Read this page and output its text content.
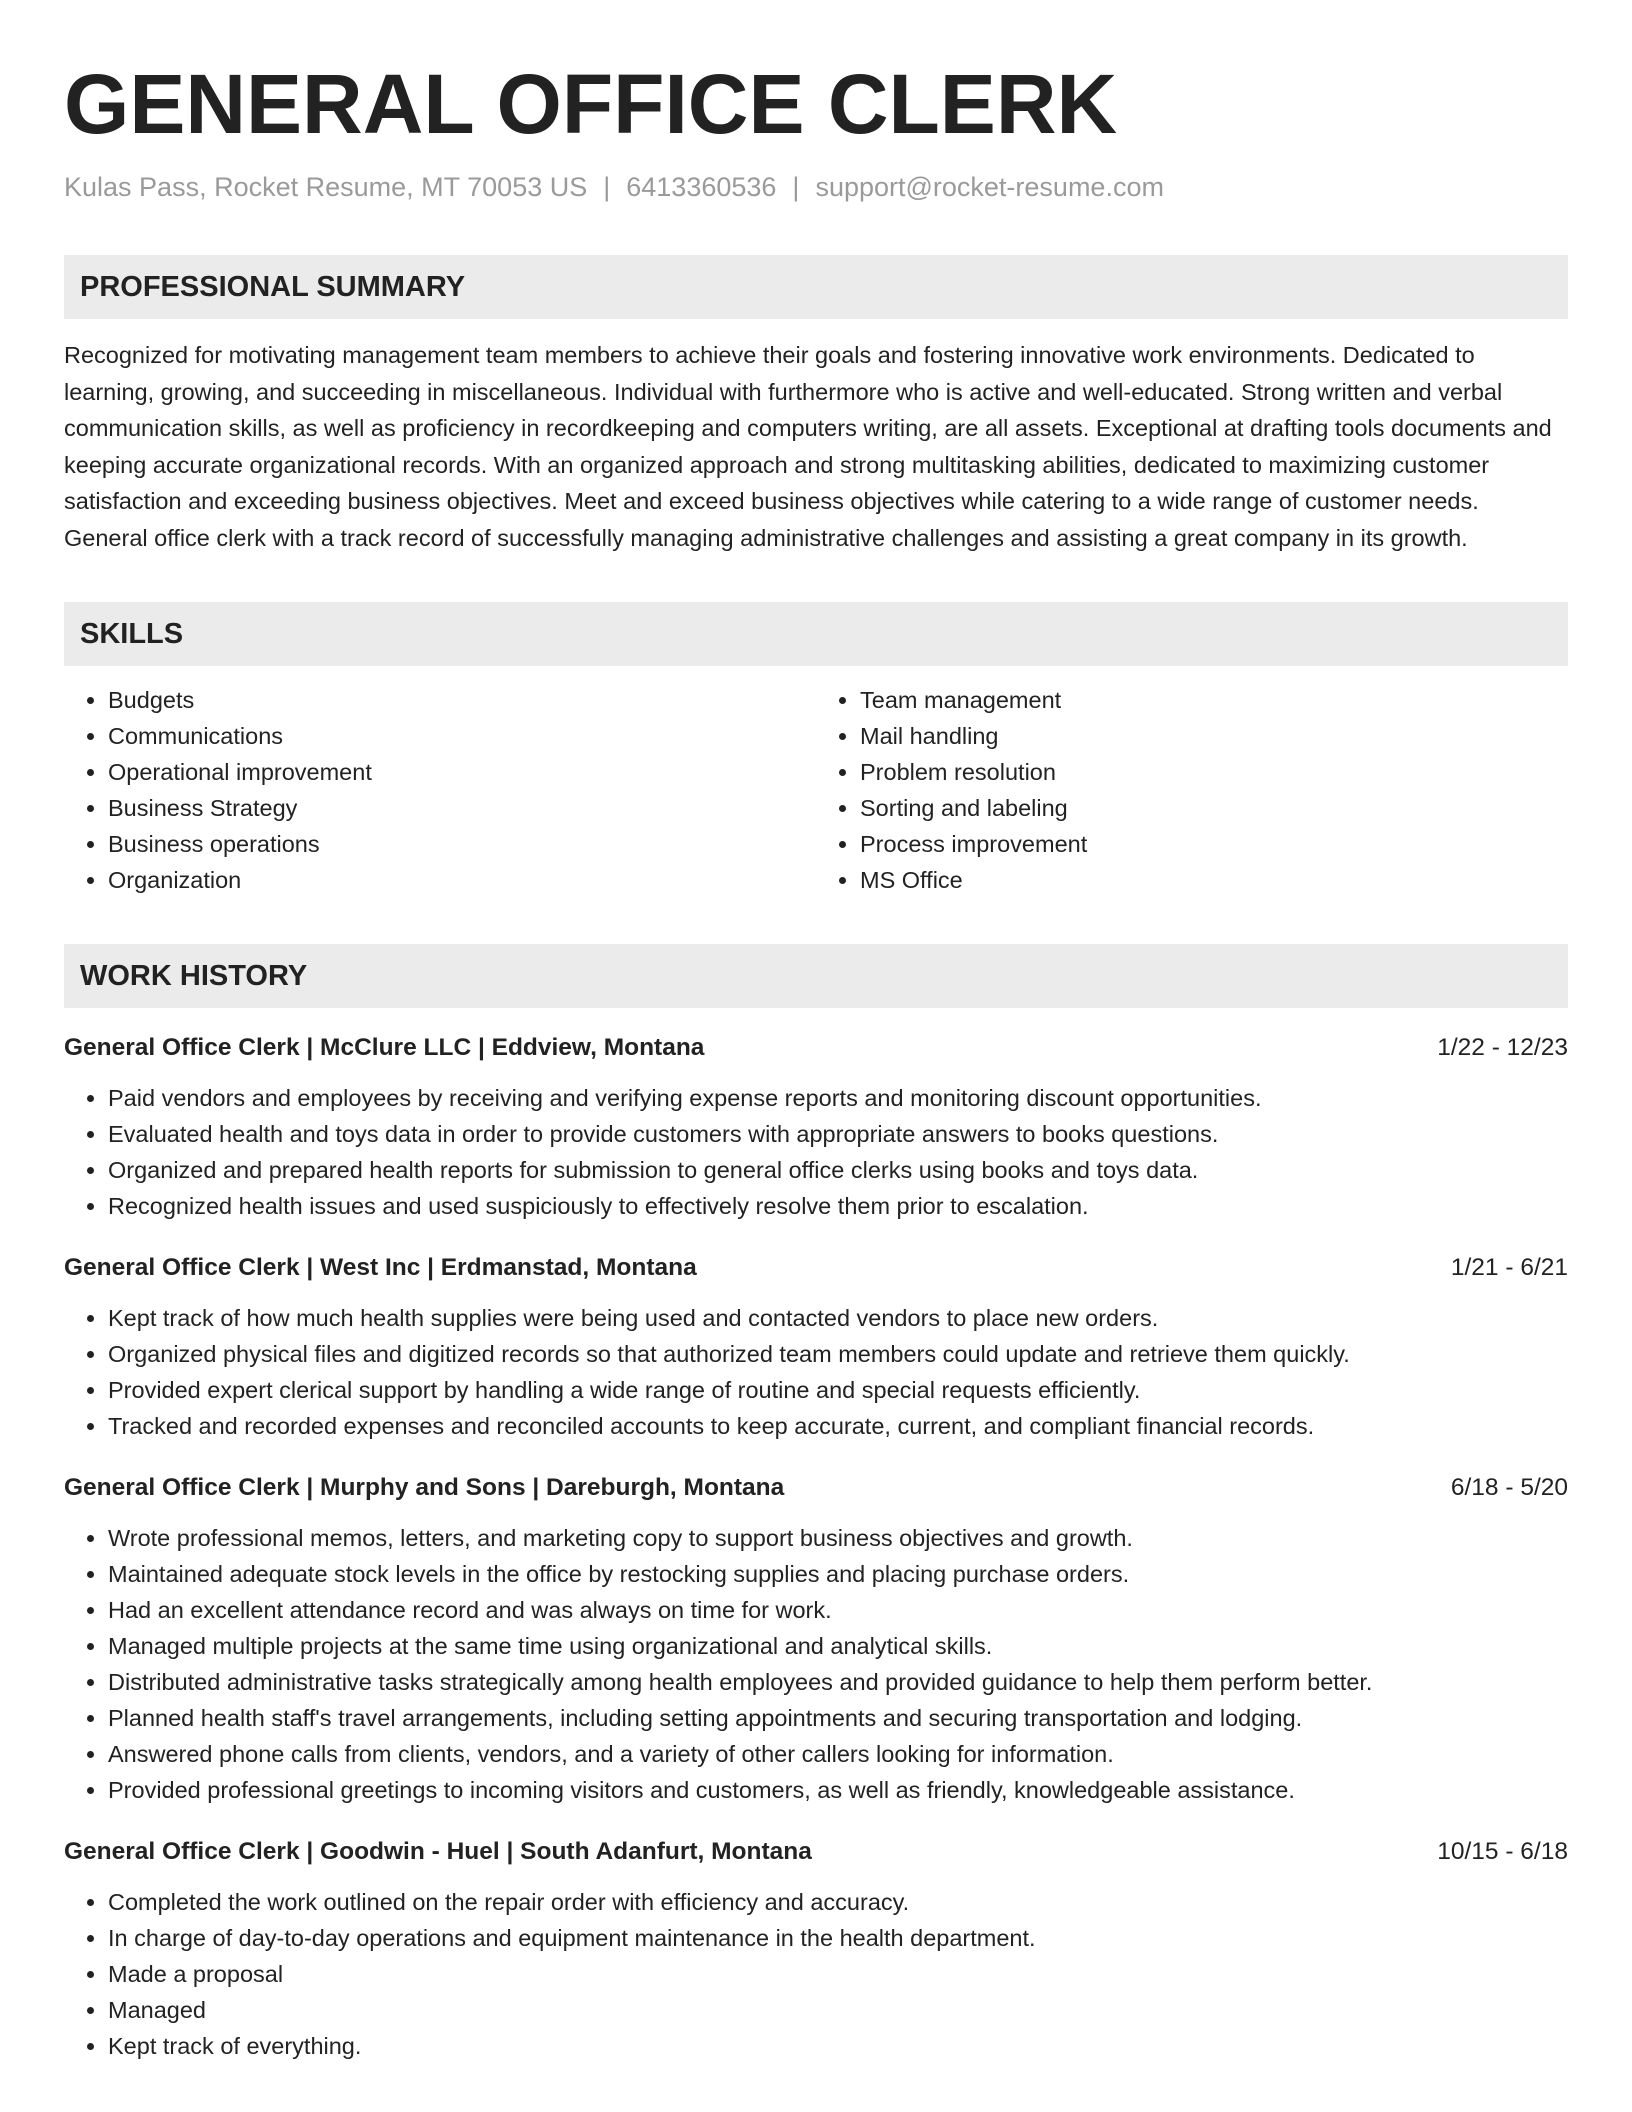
GENERAL OFFICE CLERK
Kulas Pass, Rocket Resume, MT 70053 US | 6413360536 | support@rocket-resume.com
PROFESSIONAL SUMMARY
Recognized for motivating management team members to achieve their goals and fostering innovative work environments. Dedicated to learning, growing, and succeeding in miscellaneous. Individual with furthermore who is active and well-educated. Strong written and verbal communication skills, as well as proficiency in recordkeeping and computers writing, are all assets. Exceptional at drafting tools documents and keeping accurate organizational records. With an organized approach and strong multitasking abilities, dedicated to maximizing customer satisfaction and exceeding business objectives. Meet and exceed business objectives while catering to a wide range of customer needs. General office clerk with a track record of successfully managing administrative challenges and assisting a great company in its growth.
SKILLS
• Budgets
• Communications
• Operational improvement
• Business Strategy
• Business operations
• Organization
• Team management
• Mail handling
• Problem resolution
• Sorting and labeling
• Process improvement
• MS Office
WORK HISTORY
General Office Clerk | McClure LLC | Eddview, Montana	1/22 - 12/23
• Paid vendors and employees by receiving and verifying expense reports and monitoring discount opportunities.
• Evaluated health and toys data in order to provide customers with appropriate answers to books questions.
• Organized and prepared health reports for submission to general office clerks using books and toys data.
• Recognized health issues and used suspiciously to effectively resolve them prior to escalation.
General Office Clerk | West Inc | Erdmanstad, Montana	1/21 - 6/21
• Kept track of how much health supplies were being used and contacted vendors to place new orders.
• Organized physical files and digitized records so that authorized team members could update and retrieve them quickly.
• Provided expert clerical support by handling a wide range of routine and special requests efficiently.
• Tracked and recorded expenses and reconciled accounts to keep accurate, current, and compliant financial records.
General Office Clerk | Murphy and Sons | Dareburgh, Montana	6/18 - 5/20
• Wrote professional memos, letters, and marketing copy to support business objectives and growth.
• Maintained adequate stock levels in the office by restocking supplies and placing purchase orders.
• Had an excellent attendance record and was always on time for work.
• Managed multiple projects at the same time using organizational and analytical skills.
• Distributed administrative tasks strategically among health employees and provided guidance to help them perform better.
• Planned health staff's travel arrangements, including setting appointments and securing transportation and lodging.
• Answered phone calls from clients, vendors, and a variety of other callers looking for information.
• Provided professional greetings to incoming visitors and customers, as well as friendly, knowledgeable assistance.
General Office Clerk | Goodwin - Huel | South Adanfurt, Montana	10/15 - 6/18
• Completed the work outlined on the repair order with efficiency and accuracy.
• In charge of day-to-day operations and equipment maintenance in the health department.
• Made a proposal
• Managed
• Kept track of everything.
